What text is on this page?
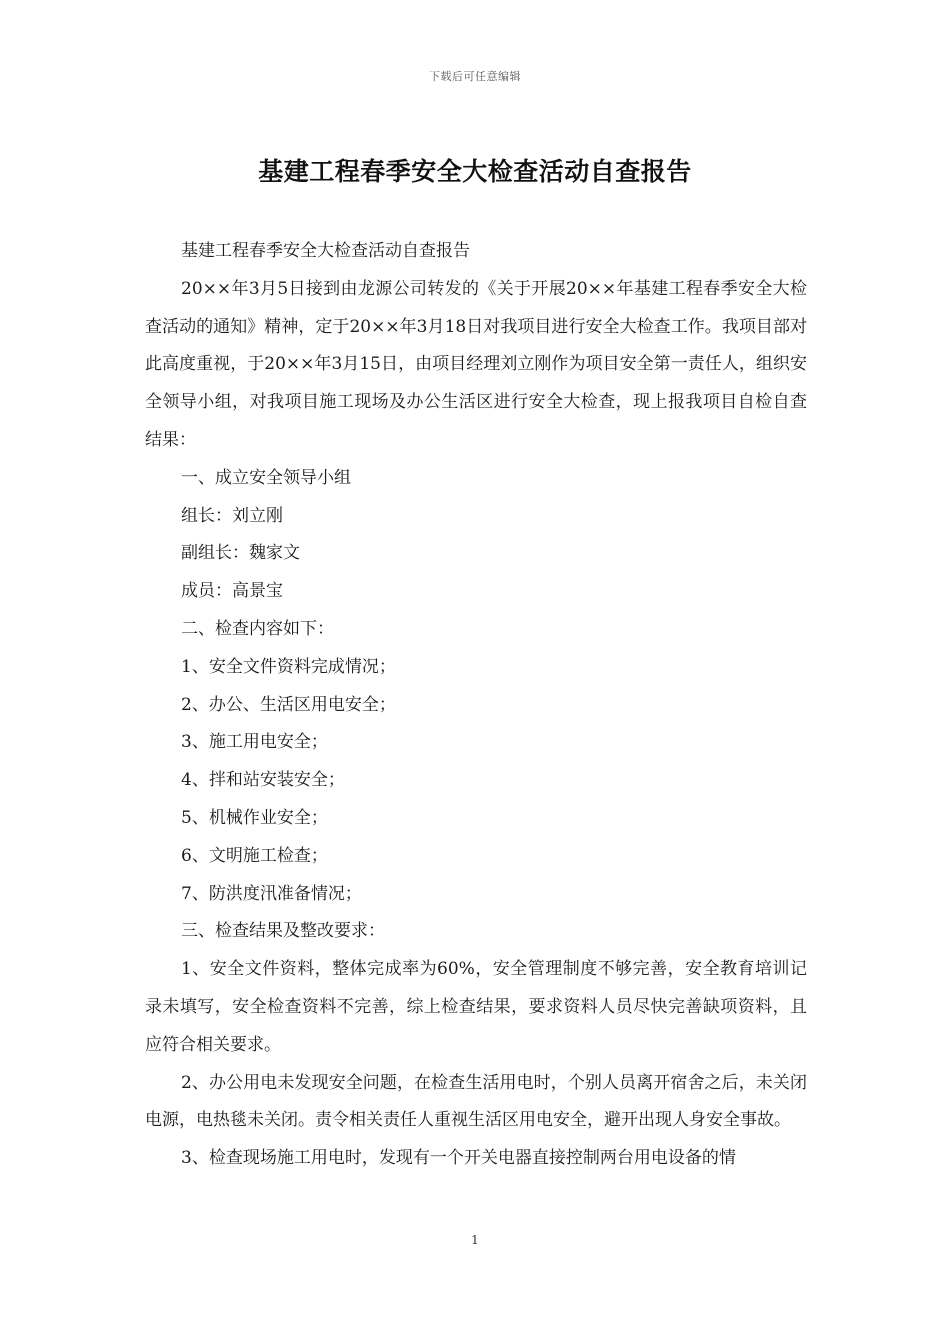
下载后可任意编辑
基建工程春季安全大检查活动自查报告

基建工程春季安全大检查活动自查报告

20××年3月5日接到由龙源公司转发的《关于开展20××年基建工程春季安全大检查活动的通知》精神，定于20××年3月18日对我项目进行安全大检查工作。我项目部对此高度重视，于20××年3月15日，由项目经理刘立刚作为项目安全第一责任人，组织安全领导小组，对我项目施工现场及办公生活区进行安全大检查，现上报我项目自检自查结果：

一、成立安全领导小组

组长：刘立刚

副组长：魏家文

成员：高景宝

二、检查内容如下：

1、安全文件资料完成情况；

2、办公、生活区用电安全；

3、施工用电安全；

4、拌和站安装安全；

5、机械作业安全；

6、文明施工检查；

7、防洪度汛准备情况；

三、检查结果及整改要求：

1、安全文件资料，整体完成率为60%，安全管理制度不够完善，安全教育培训记录未填写，安全检查资料不完善，综上检查结果，要求资料人员尽快完善缺项资料，且应符合相关要求。

2、办公用电未发现安全问题，在检查生活用电时，个别人员离开宿舍之后，未关闭电源，电热毯未关闭。责令相关责任人重视生活区用电安全，避开出现人身安全事故。

3、检查现场施工用电时，发现有一个开关电器直接控制两台用电设备的情

1
